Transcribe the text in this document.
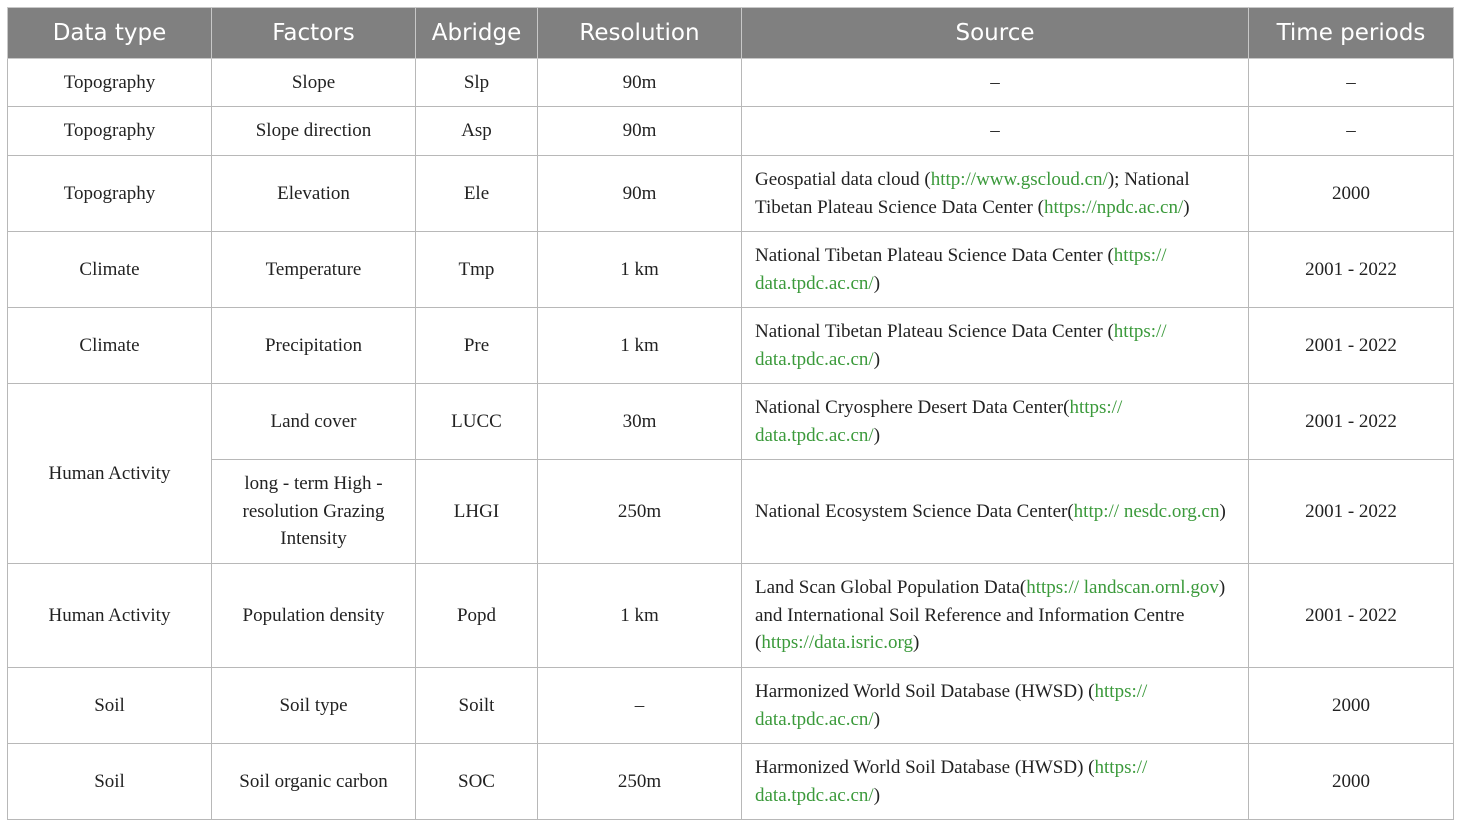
Data type	Factors	Abridge	Resolution	Source	Time periods
Topography	Slope	Slp	90m	–	–
Topography	Slope direction	Asp	90m	–	–
Topography	Elevation	Ele	90m	Geospatial data cloud (http://www.gscloud.cn/); National Tibetan Plateau Science Data Center (https://npdc.ac.cn/)	2000
Climate	Temperature	Tmp	1 km	National Tibetan Plateau Science Data Center (https:// data.tpdc.ac.cn/)	2001 - 2022
Climate	Precipitation	Pre	1 km	National Tibetan Plateau Science Data Center (https:// data.tpdc.ac.cn/)	2001 - 2022
Human Activity	Land cover	LUCC	30m	National Cryosphere Desert Data Center(https:// data.tpdc.ac.cn/)	2001 - 2022
	long - term High - resolution Grazing Intensity	LHGI	250m	National Ecosystem Science Data Center(http:// nesdc.org.cn)	2001 - 2022
Human Activity	Population density	Popd	1 km	Land Scan Global Population Data(https:// landscan.ornl.gov) and International Soil Reference and Information Centre (https://data.isric.org)	2001 - 2022
Soil	Soil type	Soilt	–	Harmonized World Soil Database (HWSD) (https:// data.tpdc.ac.cn/)	2000
Soil	Soil organic carbon	SOC	250m	Harmonized World Soil Database (HWSD) (https:// data.tpdc.ac.cn/)	2000
